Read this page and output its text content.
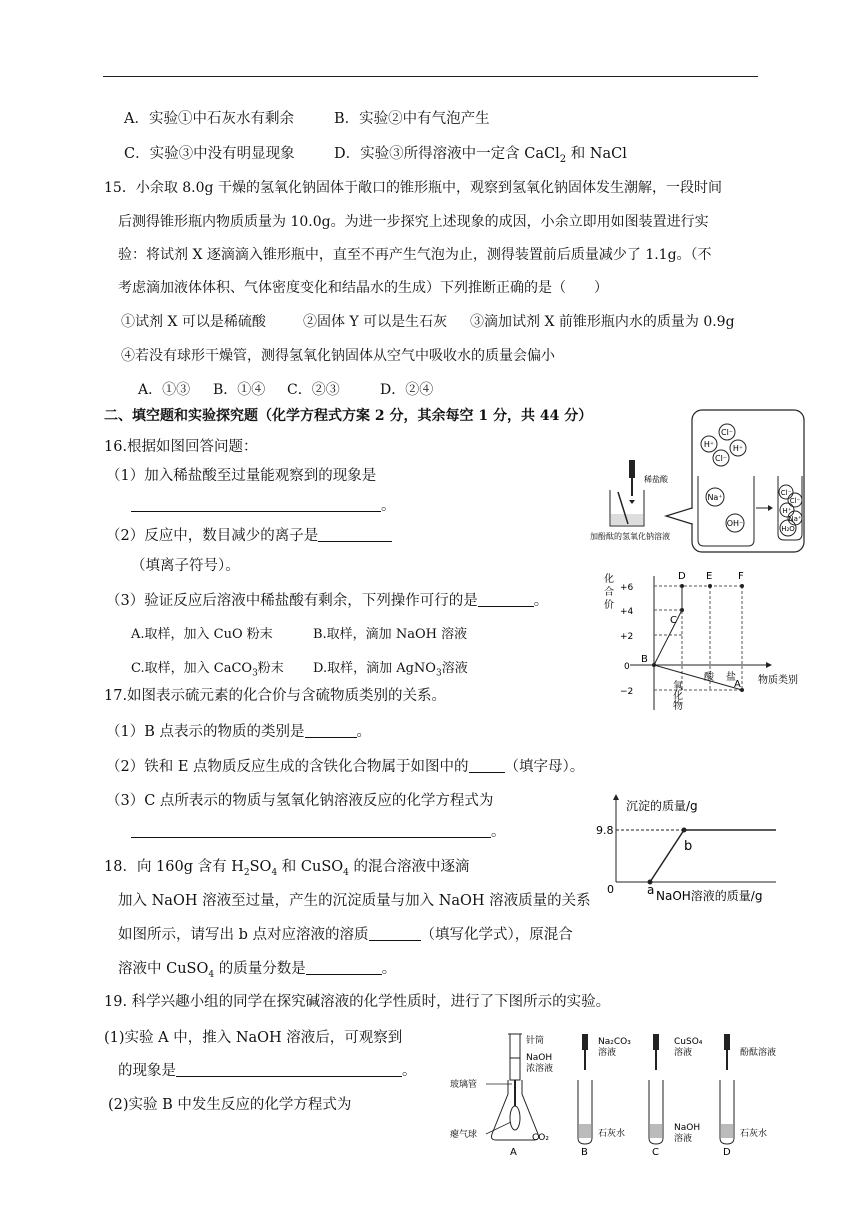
A．实验①中石灰水有剩余	B．实验②中有气泡产生
C．实验③中没有明显现象	D．实验③所得溶液中一定含 CaCl$_2$ 和 NaCl
15．小余取 8.0g 干燥的氢氧化钠固体于敞口的锥形瓶中，观察到氢氧化钠固体发生潮解，一段时间
后测得锥形瓶内物质质量为 10.0g。为进一步探究上述现象的成因，小余立即用如图装置进行实
验：将试剂 X 逐滴滴入锥形瓶中，直至不再产生气泡为止，测得装置前后质量减少了 1.1g。（不
考虑滴加液体体积、气体密度变化和结晶水的生成）下列推断正确的是（　　）
①试剂 X 可以是稀硫酸	②固体 Y 可以是生石灰 ③滴加试剂 X 前锥形瓶内水的质量为 0.9g
④若没有球形干燥管，测得氢氧化钠固体从空气中吸收水的质量会偏小
A．①③ B．①④ C．②③	D．②④
二、填空题和实验探究题（化学方程式方案 2 分，其余每空 1 分，共 44 分）
16.根据如图回答问题：
（1）加入稀盐酸至过量能观察到的现象是
。
（2）反应中，数目减少的离子是
（填离子符号）。
（3）验证反应后溶液中稀盐酸有剩余，下列操作可行的是	。
A.取样，加入 CuO 粉末	B.取样，滴加 NaOH 溶液
C.取样，加入 CaCO$_3$粉末 D.取样，滴加 AgNO$_3$溶液
Cl⁻
H⁺
Cl⁻
H⁺
Na⁺
OH⁻
Cl⁻
Cl⁻
H⁺
Na⁺
H₂O
稀盐酸
加酚酞的氢氧化钠溶液
17.如图表示硫元素的化合价与含硫物质类别的关系。
（1）B 点表示的物质的类别是	。
（2）铁和 E 点物质反应生成的含铁化合物属于如图中的 （填字母）。
（3）C 点所表示的物质与氢氧化钠溶液反应的化学方程式为
。
化
合
价
+6
+4
+2
0
−2
A
B
C
D E	F
物质类别
氧化物
酸 盐
18．向 160g 含有 $H_2SO_4$ 和 CuSO$_4$ 的混合溶液中逐滴
加入 NaOH 溶液至过量，产生的沉淀质量与加入 NaOH 溶液质量的关系
如图所示，请写出 b 点对应溶液的溶质	（填写化学式），原混合
溶液中 CuSO$_4$ 的质量分数是	。
沉淀的质量/g
9.8
0	a
b
NaOH溶液的质量/g
19. 科学兴趣小组的同学在探究碱溶液的化学性质时，进行了下图所示的实验。
(1)实验 A 中，推入 NaOH 溶液后，可观察到
的现象是	。
(2)实验 B 中发生反应的化学方程式为
针筒
NaOH
浓溶液
玻璃管
瘪气球	CO₂
A
Na₂CO₃
溶液
石灰水
B
CuSO₄
溶液
NaOH
溶液
C
酚酞溶液
石灰水
D
